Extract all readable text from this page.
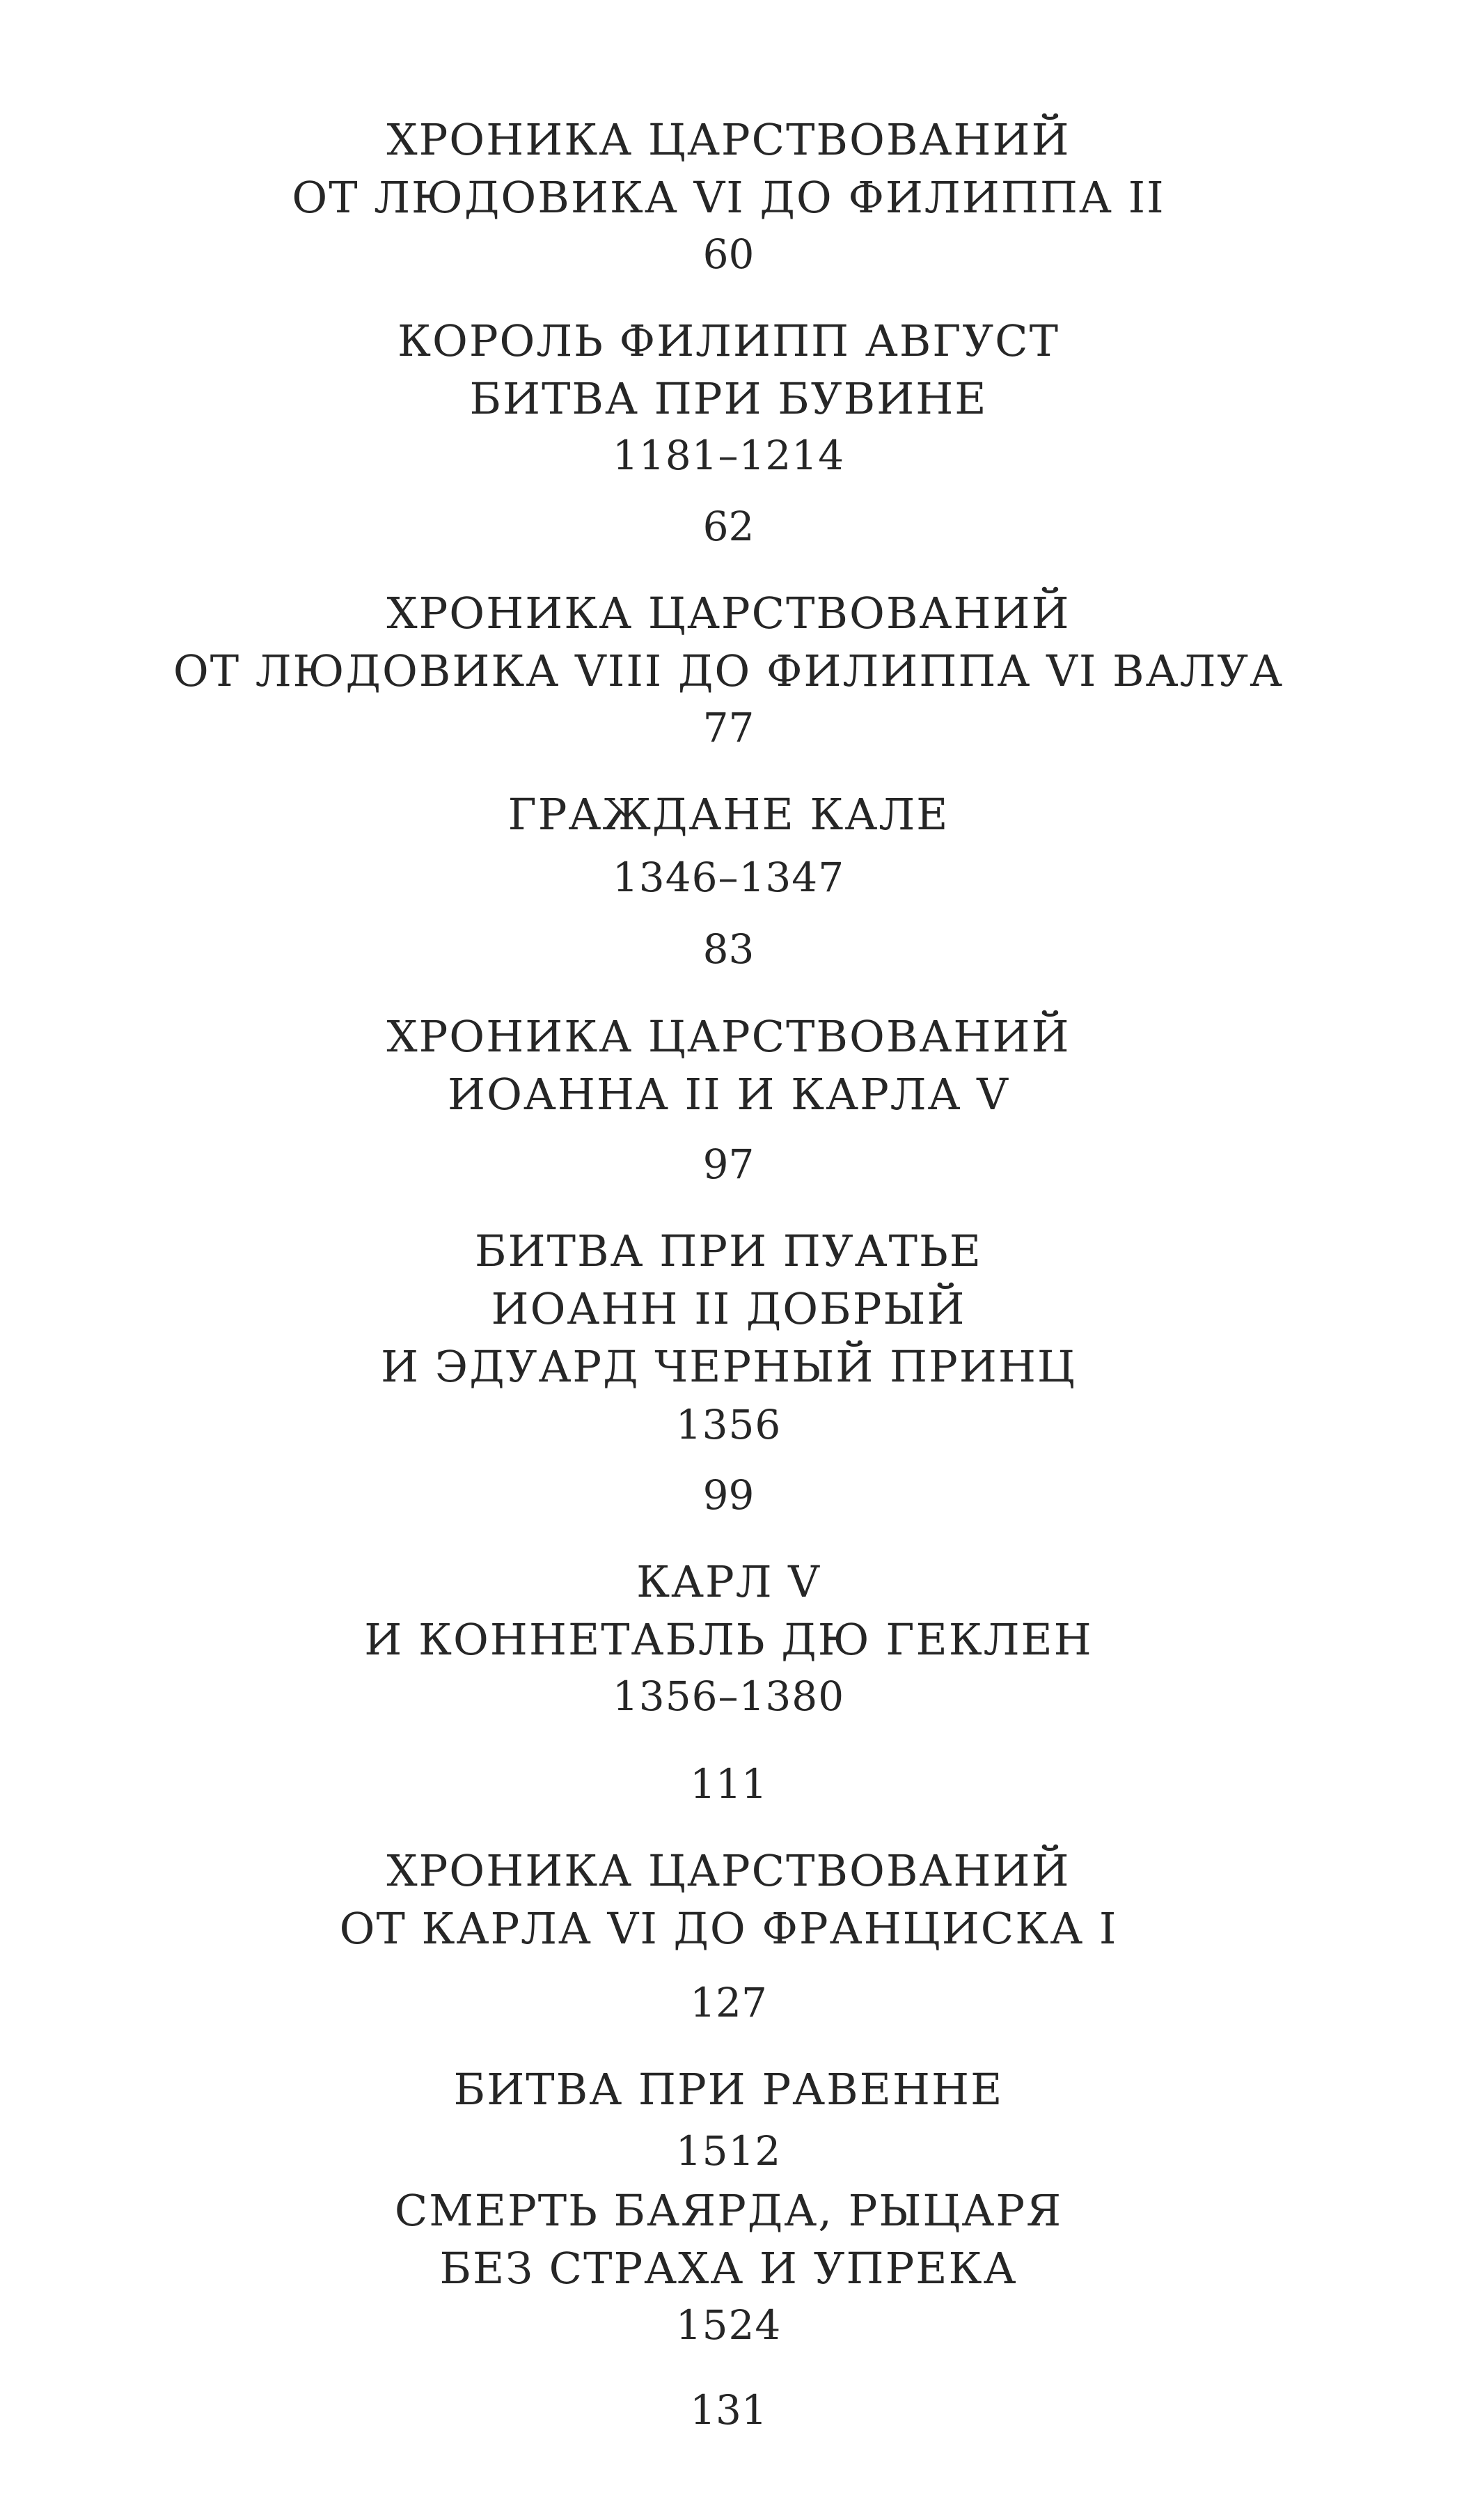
ХРОНИКА ЦАРСТВОВАНИЙ
ОТ ЛЮДОВИКА VI ДО ФИЛИППА II
60
КОРОЛЬ ФИЛИПП АВГУСТ
БИТВА ПРИ БУВИНЕ
1181–1214
62
ХРОНИКА ЦАРСТВОВАНИЙ
ОТ ЛЮДОВИКА VIII ДО ФИЛИППА VI ВАЛУА
77
ГРАЖДАНЕ КАЛЕ
1346–1347
83
ХРОНИКА ЦАРСТВОВАНИЙ
ИОАННА II И КАРЛА V
97
БИТВА ПРИ ПУАТЬЕ
ИОАНН II ДОБРЫЙ
И ЭДУАРД ЧЕРНЫЙ ПРИНЦ
1356
99
КАРЛ V
И КОННЕТАБЛЬ ДЮ ГЕКЛЕН
1356–1380
111
ХРОНИКА ЦАРСТВОВАНИЙ
ОТ КАРЛА VI ДО ФРАНЦИСКА I
127
БИТВА ПРИ РАВЕННЕ
1512
СМЕРТЬ БАЯРДА, РЫЦАРЯ
БЕЗ СТРАХА И УПРЕКА
1524
131
